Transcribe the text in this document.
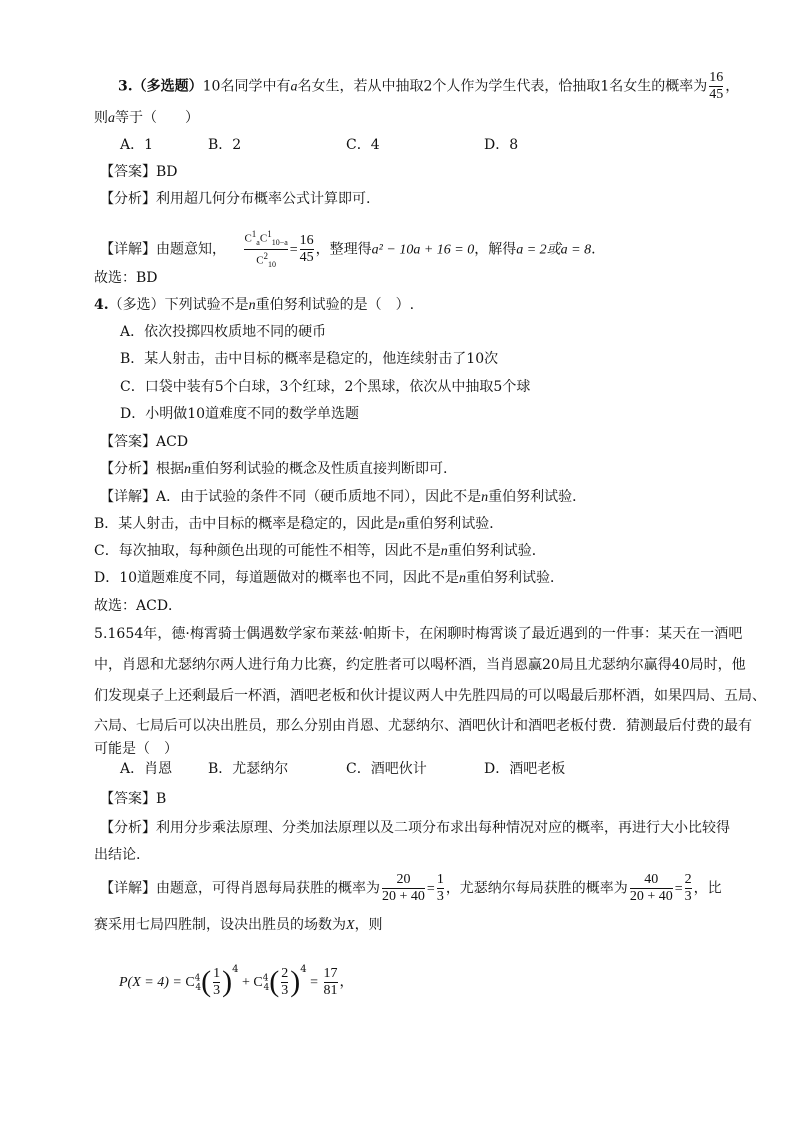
3.（多选题）10名同学中有a名女生，若从中抽取2个人作为学生代表，恰抽取1名女生的概率为 $\frac{16}{45}$ ，
则a等于（　　）
A．1	B．2	C．4	D．8
【答案】BD
【分析】利用超几何分布概率公式计算即可.
【详解】由题意知， $\frac{C^1_aC^1_{10-a}}{C^2_{10}} = \frac{16}{45}$ ，整理得a² − 10a + 16 = 0，解得a = 2或a = 8.
故选：BD
4.（多选）下列试验不是n重伯努利试验的是（　）.
A．依次投掷四枚质地不同的硬币
B．某人射击，击中目标的概率是稳定的，他连续射击了10次
C．口袋中装有5个白球，3个红球，2个黑球，依次从中抽取5个球
D．小明做10道难度不同的数学单选题
【答案】ACD
【分析】根据n重伯努利试验的概念及性质直接判断即可.
【详解】A．由于试验的条件不同（硬币质地不同），因此不是n重伯努利试验．
B．某人射击，击中目标的概率是稳定的，因此是n重伯努利试验．
C．每次抽取，每种颜色出现的可能性不相等，因此不是n重伯努利试验．
D．10道题难度不同，每道题做对的概率也不同，因此不是n重伯努利试验．
故选：ACD．
5.1654年，德·梅霄骑士偶遇数学家布莱兹·帕斯卡，在闲聊时梅霄谈了最近遇到的一件事：某天在一酒吧
中，肖恩和尤瑟纳尔两人进行角力比赛，约定胜者可以喝杯酒，当肖恩赢20局且尤瑟纳尔赢得40局时，他
们发现桌子上还剩最后一杯酒，酒吧老板和伙计提议两人中先胜四局的可以喝最后那杯酒，如果四局、五局、
六局、七局后可以决出胜员，那么分别由肖恩、尤瑟纳尔、酒吧伙计和酒吧老板付费．猜测最后付费的最有
可能是（　）
A．肖恩	B．尤瑟纳尔	C．酒吧伙计	D．酒吧老板
【答案】B
【分析】利用分步乘法原理、分类加法原理以及二项分布求出每种情况对应的概率，再进行大小比较得
出结论.
【详解】由题意，可得肖恩每局获胜的概率为 $\frac{20}{20 + 40} = \frac{1}{3}$ ，尤瑟纳尔每局获胜的概率为 $\frac{40}{20 + 40} = \frac{2}{3}$ ，比
赛采用七局四胜制，设决出胜员的场数为X，则
$P(X = 4) = C^4_4( \frac{1}{3} )^4 + C^4_4( \frac{2}{3} )^4 = \frac{17}{81}$ ，
